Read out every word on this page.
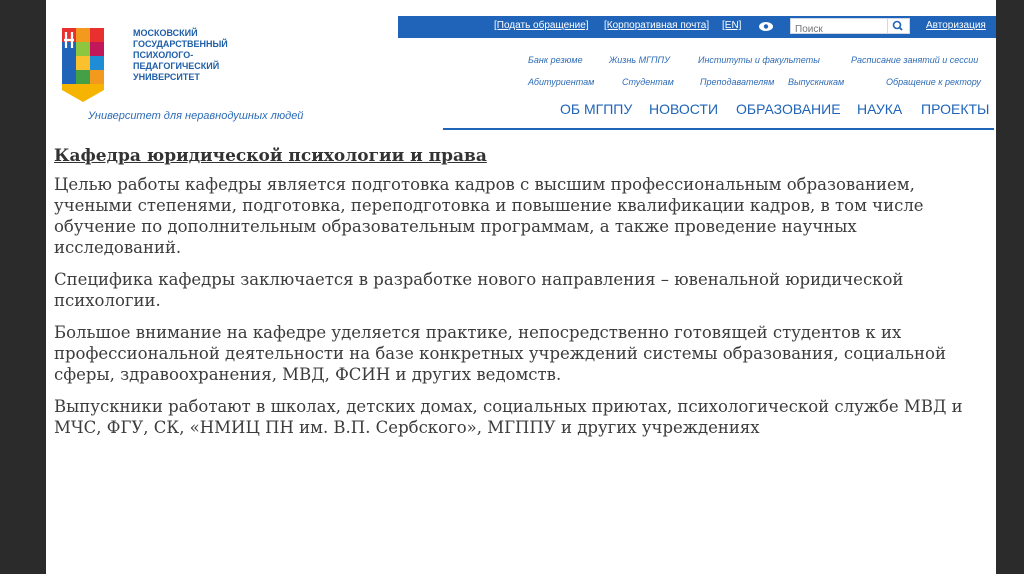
МОСКОВСКИЙ ГОСУДАРСТВЕННЫЙ ПСИХОЛОГО-ПЕДАГОГИЧЕСКИЙ УНИВЕРСИТЕТ
Университет для неравнодушных людей
[Подать обращение] [Корпоративная почта] [EN]
Поиск	Авторизация
Банк резюме	Жизнь МГППУ	Институты и факультеты	Расписание занятий и сессии
Абитуриентам	Студентам	Преподавателям Выпускникам	Обращение к ректору
ОБ МГППУ НОВОСТИ ОБРАЗОВАНИЕ НАУКА ПРОЕКТЫ
Кафедра юридической психологии и права

Целью работы кафедры является подготовка кадров с высшим профессиональным образованием, учеными степенями, подготовка, переподготовка и повышение квалификации кадров, в том числе обучение по дополнительным образовательным программам, а также проведение научных исследований.

Специфика кафедры заключается в разработке нового направления – ювенальной юридической психологии.

Большое внимание на кафедре уделяется практике, непосредственно готовящей студентов к их профессиональной деятельности на базе конкретных учреждений системы образования, социальной сферы, здравоохранения, МВД, ФСИН и других ведомств.

Выпускники работают в школах, детских домах, социальных приютах, психологической службе МВД и МЧС, ФГУ, СК, «НМИЦ ПН им. В.П. Сербского», МГППУ и других учреждениях
